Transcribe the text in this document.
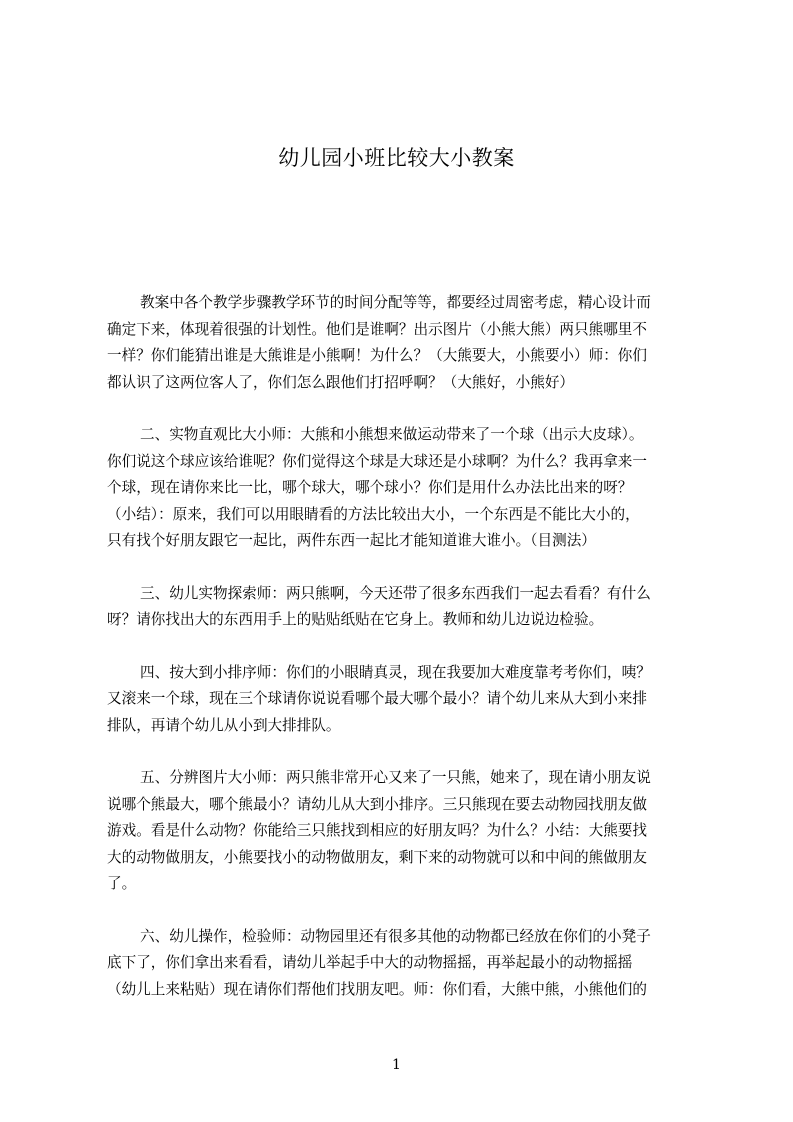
幼儿园小班比较大小教案
教案中各个教学步骤教学环节的时间分配等等，都要经过周密考虑，精心设计而
确定下来，体现着很强的计划性。他们是谁啊？出示图片（小熊大熊）两只熊哪里不
一样？你们能猜出谁是大熊谁是小熊啊！为什么？（大熊要大，小熊要小）师：你们
都认识了这两位客人了，你们怎么跟他们打招呼啊？（大熊好，小熊好）
二、实物直观比大小师：大熊和小熊想来做运动带来了一个球（出示大皮球）。
你们说这个球应该给谁呢？你们觉得这个球是大球还是小球啊？为什么？我再拿来一
个球，现在请你来比一比，哪个球大，哪个球小？你们是用什么办法比出来的呀？
（小结）：原来，我们可以用眼睛看的方法比较出大小，一个东西是不能比大小的，
只有找个好朋友跟它一起比，两件东西一起比才能知道谁大谁小。（目测法）
三、幼儿实物探索师：两只熊啊，今天还带了很多东西我们一起去看看？有什么
呀？请你找出大的东西用手上的贴贴纸贴在它身上。教师和幼儿边说边检验。
四、按大到小排序师：你们的小眼睛真灵，现在我要加大难度靠考考你们，咦？
又滚来一个球，现在三个球请你说说看哪个最大哪个最小？请个幼儿来从大到小来排
排队，再请个幼儿从小到大排排队。
五、分辨图片大小师：两只熊非常开心又来了一只熊，她来了，现在请小朋友说
说哪个熊最大，哪个熊最小？请幼儿从大到小排序。三只熊现在要去动物园找朋友做
游戏。看是什么动物？你能给三只熊找到相应的好朋友吗？为什么？小结：大熊要找
大的动物做朋友，小熊要找小的动物做朋友，剩下来的动物就可以和中间的熊做朋友
了。
六、幼儿操作，检验师：动物园里还有很多其他的动物都已经放在你们的小凳子
底下了，你们拿出来看看，请幼儿举起手中大的动物摇摇，再举起最小的动物摇摇
（幼儿上来粘贴）现在请你们帮他们找朋友吧。师：你们看，大熊中熊，小熊他们的
1
